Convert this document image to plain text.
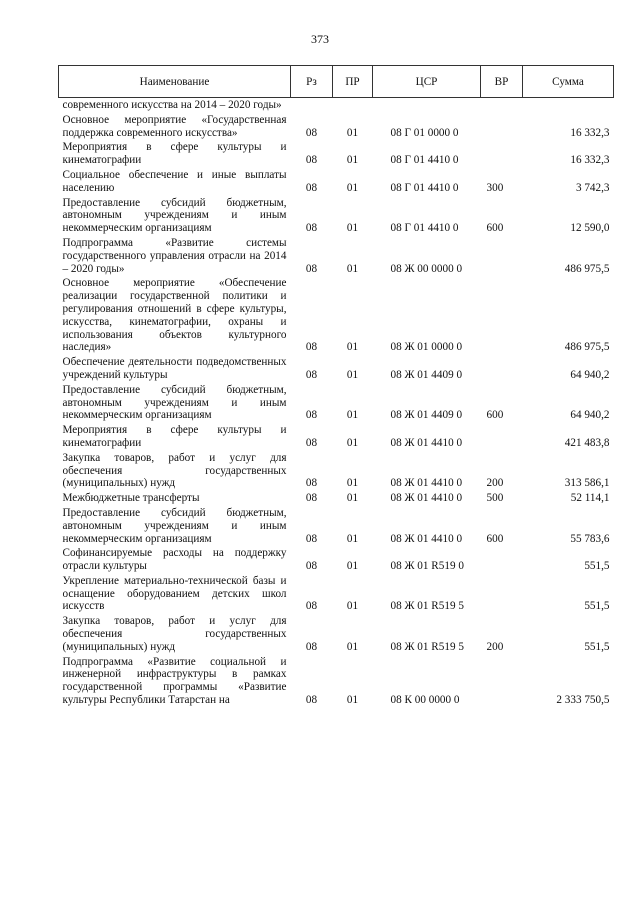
373
Наименование	Рз	ПР	ЦСР	ВР	Сумма
современного искусства на 2014 – 2020 годы»					
Основное мероприятие «Государственная поддержка современного искусства»	08	01	08 Г 01 0000 0		16 332,3
Мероприятия в сфере культуры и кинематографии	08	01	08 Г 01 4410 0		16 332,3
Социальное обеспечение и иные выплаты населению	08	01	08 Г 01 4410 0	300	3 742,3
Предоставление субсидий бюджетным, автономным учреждениям и иным некоммерческим организациям	08	01	08 Г 01 4410 0	600	12 590,0
Подпрограмма «Развитие системы государственного управления отрасли на 2014 – 2020 годы»	08	01	08 Ж 00 0000 0		486 975,5
Основное мероприятие «Обеспечение реализации государственной политики и регулирования отношений в сфере культуры, искусства, кинематографии, охраны и использования объектов культурного наследия»	08	01	08 Ж 01 0000 0		486 975,5
Обеспечение деятельности подведомственных учреждений культуры	08	01	08 Ж 01 4409 0		64 940,2
Предоставление субсидий бюджетным, автономным учреждениям и иным некоммерческим организациям	08	01	08 Ж 01 4409 0	600	64 940,2
Мероприятия в сфере культуры и кинематографии	08	01	08 Ж 01 4410 0		421 483,8
Закупка товаров, работ и услуг для обеспечения государственных (муниципальных) нужд	08	01	08 Ж 01 4410 0	200	313 586,1
Межбюджетные трансферты	08	01	08 Ж 01 4410 0	500	52 114,1
Предоставление субсидий бюджетным, автономным учреждениям и иным некоммерческим организациям	08	01	08 Ж 01 4410 0	600	55 783,6
Софинансируемые расходы на поддержку отрасли культуры	08	01	08 Ж 01 R519 0		551,5
Укрепление материально-технической базы и оснащение оборудованием детских школ искусств	08	01	08 Ж 01 R519 5		551,5
Закупка товаров, работ и услуг для обеспечения государственных (муниципальных) нужд	08	01	08 Ж 01 R519 5	200	551,5
Подпрограмма «Развитие социальной и инженерной инфраструктуры в рамках государственной программы «Развитие культуры Республики Татарстан на	08	01	08 К 00 0000 0		2 333 750,5
